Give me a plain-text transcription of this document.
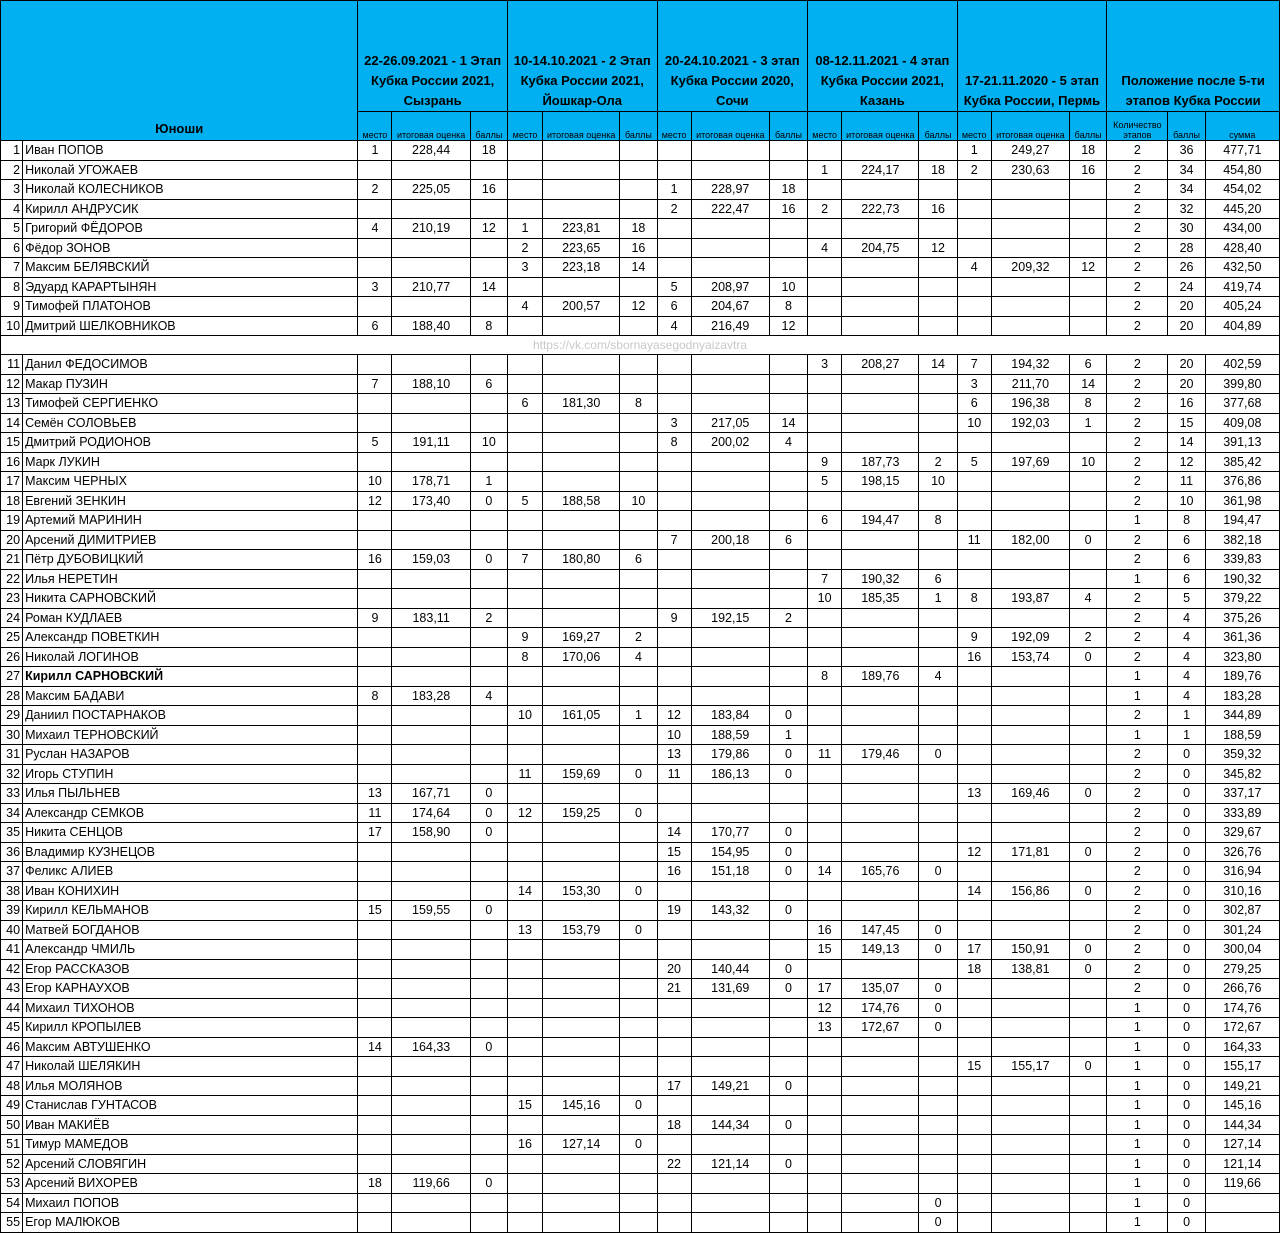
Юноши		22-26.09.2021 - 1 Этап Кубка России 2021, Сызрань			10-14.10.2021 - 2 Этап Кубка России 2021, Йошкар-Ола			20-24.10.2021 - 3 этап Кубка России 2020, Сочи			08-12.11.2021 - 4 этап Кубка России 2021, Казань			17-21.11.2020 - 5 этап Кубка России, Пермь			Положение после 5-ти этапов Кубка России		
		место	итоговая оценка	баллы	место	итоговая оценка	баллы	место	итоговая оценка	баллы	место	итоговая оценка	баллы	место	итоговая оценка	баллы	Количество этапов	баллы	сумма
1	Иван ПОПОВ	1	228,44	18										1	249,27	18	2	36	477,71
2	Николай УГОЖАЕВ										1	224,17	18	2	230,63	16	2	34	454,80
3	Николай КОЛЕСНИКОВ	2	225,05	16				1	228,97	18							2	34	454,02
4	Кирилл АНДРУСИК							2	222,47	16	2	222,73	16				2	32	445,20
5	Григорий ФЁДОРОВ	4	210,19	12	1	223,81	18										2	30	434,00
6	Фёдор ЗОНОВ				2	223,65	16				4	204,75	12				2	28	428,40
7	Максим БЕЛЯВСКИЙ				3	223,18	14							4	209,32	12	2	26	432,50
8	Эдуард КАРАРТЫНЯН	3	210,77	14				5	208,97	10							2	24	419,74
9	Тимофей ПЛАТОНОВ				4	200,57	12	6	204,67	8							2	20	405,24
10	Дмитрий ШЕЛКОВНИКОВ	6	188,40	8				4	216,49	12							2	20	404,89
https://vk.com/sbornayasegodnyaizavtra																			
11	Данил ФЕДОСИМОВ										3	208,27	14	7	194,32	6	2	20	402,59
12	Макар ПУЗИН	7	188,10	6										3	211,70	14	2	20	399,80
13	Тимофей СЕРГИЕНКО				6	181,30	8							6	196,38	8	2	16	377,68
14	Семён СОЛОВЬЕВ							3	217,05	14				10	192,03	1	2	15	409,08
15	Дмитрий РОДИОНОВ	5	191,11	10				8	200,02	4							2	14	391,13
16	Марк ЛУКИН										9	187,73	2	5	197,69	10	2	12	385,42
17	Максим ЧЕРНЫХ	10	178,71	1							5	198,15	10				2	11	376,86
18	Евгений ЗЕНКИН	12	173,40	0	5	188,58	10										2	10	361,98
19	Артемий МАРИНИН										6	194,47	8				1	8	194,47
20	Арсений ДИМИТРИЕВ							7	200,18	6				11	182,00	0	2	6	382,18
21	Пётр ДУБОВИЦКИЙ	16	159,03	0	7	180,80	6										2	6	339,83
22	Илья НЕРЕТИН										7	190,32	6				1	6	190,32
23	Никита САРНОВСКИЙ										10	185,35	1	8	193,87	4	2	5	379,22
24	Роман КУДЛАЕВ	9	183,11	2				9	192,15	2							2	4	375,26
25	Александр ПОВЕТКИН				9	169,27	2							9	192,09	2	2	4	361,36
26	Николай ЛОГИНОВ				8	170,06	4							16	153,74	0	2	4	323,80
27	Кирилл САРНОВСКИЙ										8	189,76	4				1	4	189,76
28	Максим БАДАВИ	8	183,28	4													1	4	183,28
29	Даниил ПОСТАРНАКОВ				10	161,05	1	12	183,84	0							2	1	344,89
30	Михаил ТЕРНОВСКИЙ							10	188,59	1							1	1	188,59
31	Руслан НАЗАРОВ							13	179,86	0	11	179,46	0				2	0	359,32
32	Игорь СТУПИН				11	159,69	0	11	186,13	0							2	0	345,82
33	Илья ПЫЛЬНЕВ	13	167,71	0										13	169,46	0	2	0	337,17
34	Александр СЕМКОВ	11	174,64	0	12	159,25	0										2	0	333,89
35	Никита СЕНЦОВ	17	158,90	0				14	170,77	0							2	0	329,67
36	Владимир КУЗНЕЦОВ							15	154,95	0				12	171,81	0	2	0	326,76
37	Феликс АЛИЕВ							16	151,18	0	14	165,76	0				2	0	316,94
38	Иван КОНИХИН				14	153,30	0							14	156,86	0	2	0	310,16
39	Кирилл КЕЛЬМАНОВ	15	159,55	0				19	143,32	0							2	0	302,87
40	Матвей БОГДАНОВ				13	153,79	0				16	147,45	0				2	0	301,24
41	Александр ЧМИЛЬ										15	149,13	0	17	150,91	0	2	0	300,04
42	Егор РАССКАЗОВ							20	140,44	0				18	138,81	0	2	0	279,25
43	Егор КАРНАУХОВ							21	131,69	0	17	135,07	0				2	0	266,76
44	Михаил ТИХОНОВ										12	174,76	0				1	0	174,76
45	Кирилл КРОПЫЛЕВ										13	172,67	0				1	0	172,67
46	Максим АВТУШЕНКО	14	164,33	0													1	0	164,33
47	Николай ШЕЛЯКИН													15	155,17	0	1	0	155,17
48	Илья МОЛЯНОВ							17	149,21	0							1	0	149,21
49	Станислав ГУНТАСОВ				15	145,16	0										1	0	145,16
50	Иван МАКИЁВ							18	144,34	0							1	0	144,34
51	Тимур МАМЕДОВ				16	127,14	0										1	0	127,14
52	Арсений СЛОВЯГИН							22	121,14	0							1	0	121,14
53	Арсений ВИХОРЕВ	18	119,66	0													1	0	119,66
54	Михаил ПОПОВ												0				1	0	
55	Егор МАЛЮКОВ												0				1	0	
